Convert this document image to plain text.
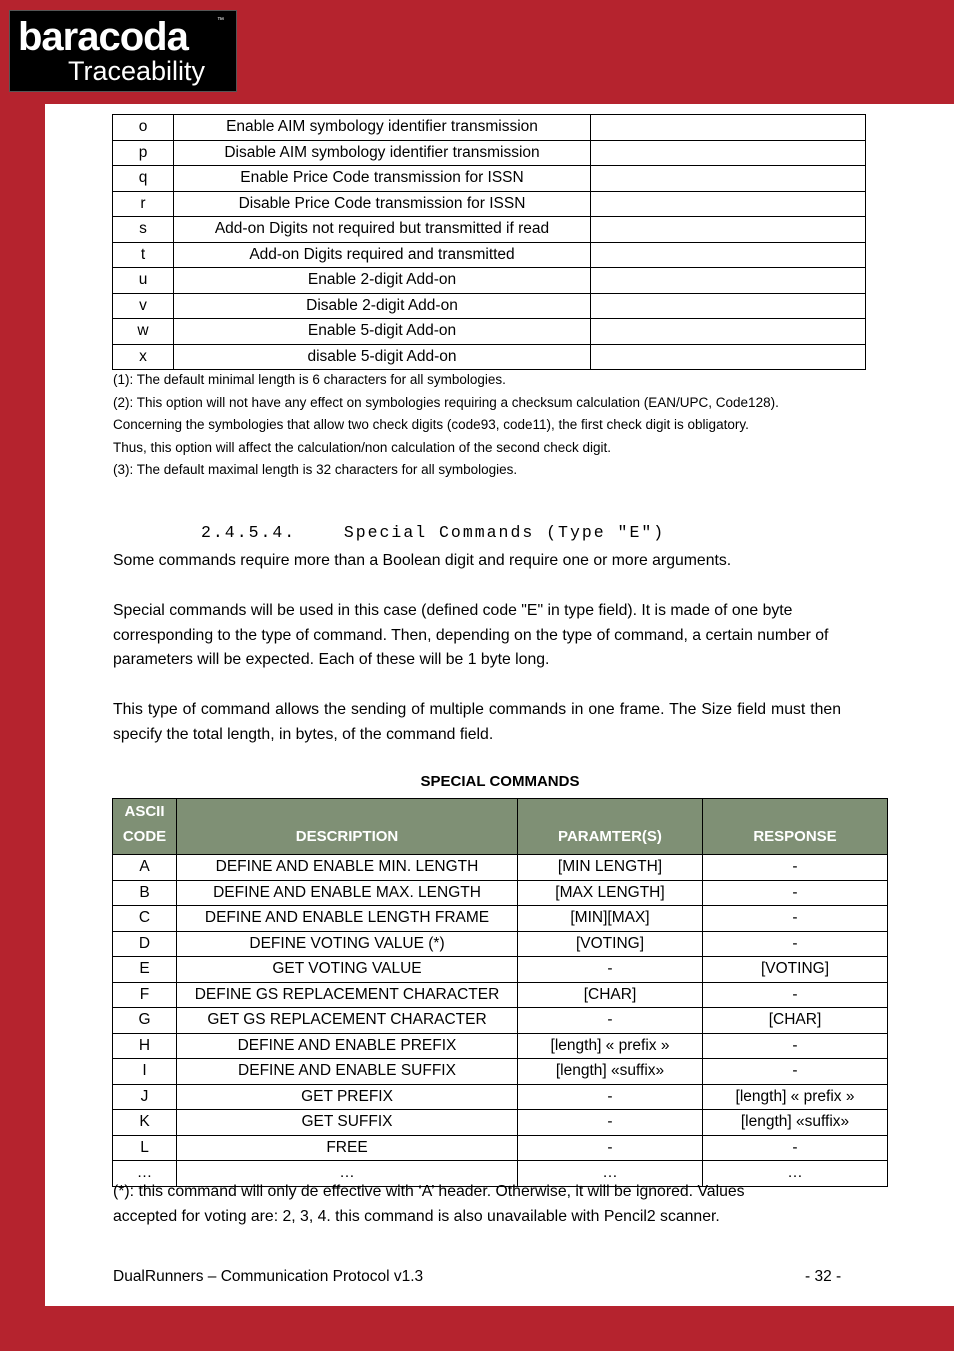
baracoda	™
Traceability
o	Enable AIM symbology identifier transmission	
p	Disable AIM symbology identifier transmission	
q	Enable Price Code transmission for ISSN	
r	Disable Price Code transmission for ISSN	
s	Add-on Digits not required but transmitted if read	
t	Add-on Digits required and transmitted	
u	Enable 2-digit Add-on	
v	Disable 2-digit Add-on	
w	Enable 5-digit Add-on	
x	disable 5-digit Add-on	
(1): The default minimal length is 6 characters for all symbologies.
(2): This option will not have any effect on symbologies requiring a checksum calculation (EAN/UPC, Code128).
Concerning the symbologies that allow two check digits (code93, code11), the first check digit is obligatory.
Thus, this option will affect the calculation/non calculation of the second check digit.
(3): The default maximal length is 32 characters for all symbologies.
2.4.5.4.    Special Commands (Type "E")
Some commands require more than a Boolean digit and require one or more arguments.
Special commands will be used in this case (defined code "E" in type field). It is made of one byte corresponding to the type of command. Then, depending on the type of command, a certain number of parameters will be expected. Each of these will be 1 byte long.
This type of command allows the sending of multiple commands in one frame. The Size field must then specify the total length, in bytes, of the command field.
SPECIAL COMMANDS
ASCII CODE	DESCRIPTION	PARAMTER(S)	RESPONSE
A	DEFINE AND ENABLE MIN. LENGTH	[MIN LENGTH]	-
B	DEFINE AND ENABLE MAX. LENGTH	[MAX LENGTH]	-
C	DEFINE AND ENABLE LENGTH FRAME	[MIN][MAX]	-
D	DEFINE VOTING VALUE (*)	[VOTING]	-
E	GET VOTING VALUE	-	[VOTING]
F	DEFINE GS REPLACEMENT CHARACTER	[CHAR]	-
G	GET GS REPLACEMENT CHARACTER	-	[CHAR]
H	DEFINE AND ENABLE PREFIX	[length] « prefix »	-
I	DEFINE AND ENABLE SUFFIX	[length] «suffix»	-
J	GET PREFIX	-	[length] « prefix »
K	GET SUFFIX	-	[length] «suffix»
L	FREE	-	-
…	…	…	…
(*): this command will only de effective with ‘A’ header. Otherwise, it will be ignored. Values
accepted for voting are: 2, 3, 4. this command is also unavailable with Pencil2 scanner.
DualRunners – Communication Protocol v1.3	- 32 -
